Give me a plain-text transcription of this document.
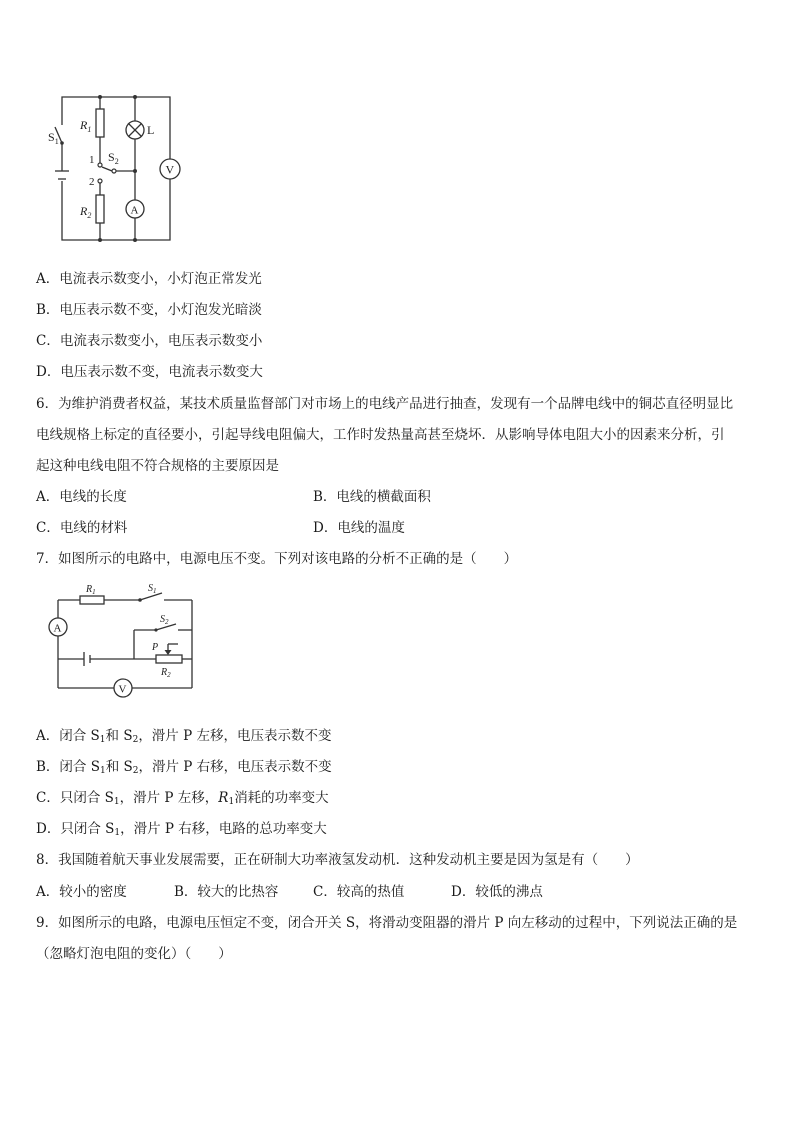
$S_1$
$R_1$
1 $S_2$
2
$R_2$
L
A
V
A．电流表示数变小，小灯泡正常发光
B．电压表示数不变，小灯泡发光暗淡
C．电流表示数变小，电压表示数变小
D．电压表示数不变，电流表示数变大
6．为维护消费者权益，某技术质量监督部门对市场上的电线产品进行抽查，发现有一个品牌电线中的铜芯直径明显比
电线规格上标定的直径要小，引起导线电阻偏大，工作时发热量高甚至烧坏．从影响导体电阻大小的因素来分析，引
起这种电线电阻不符合规格的主要原因是
A．电线的长度	B．电线的横截面积
C．电线的材料	D．电线的温度
7．如图所示的电路中，电源电压不变。下列对该电路的分析不正确的是（　　）
$R_1$	$S_1$
A
$S_2$
P
$R_2$
V
A．闭合 $S_1$和 $S_2$，滑片 P 左移，电压表示数不变
B．闭合 $S_1$和 $S_2$，滑片 P 右移，电压表示数不变
C．只闭合 $S_1$，滑片 P 左移，$R_1$消耗的功率变大
D．只闭合 $S_1$，滑片 P 右移，电路的总功率变大
8．我国随着航天事业发展需要，正在研制大功率液氢发动机．这种发动机主要是因为氢是有（　　）
A．较小的密度	B．较大的比热容	C．较高的热值	D．较低的沸点
9．如图所示的电路，电源电压恒定不变，闭合开关 S，将滑动变阻器的滑片 P 向左移动的过程中，下列说法正确的是
（忽略灯泡电阻的变化）（　　）
